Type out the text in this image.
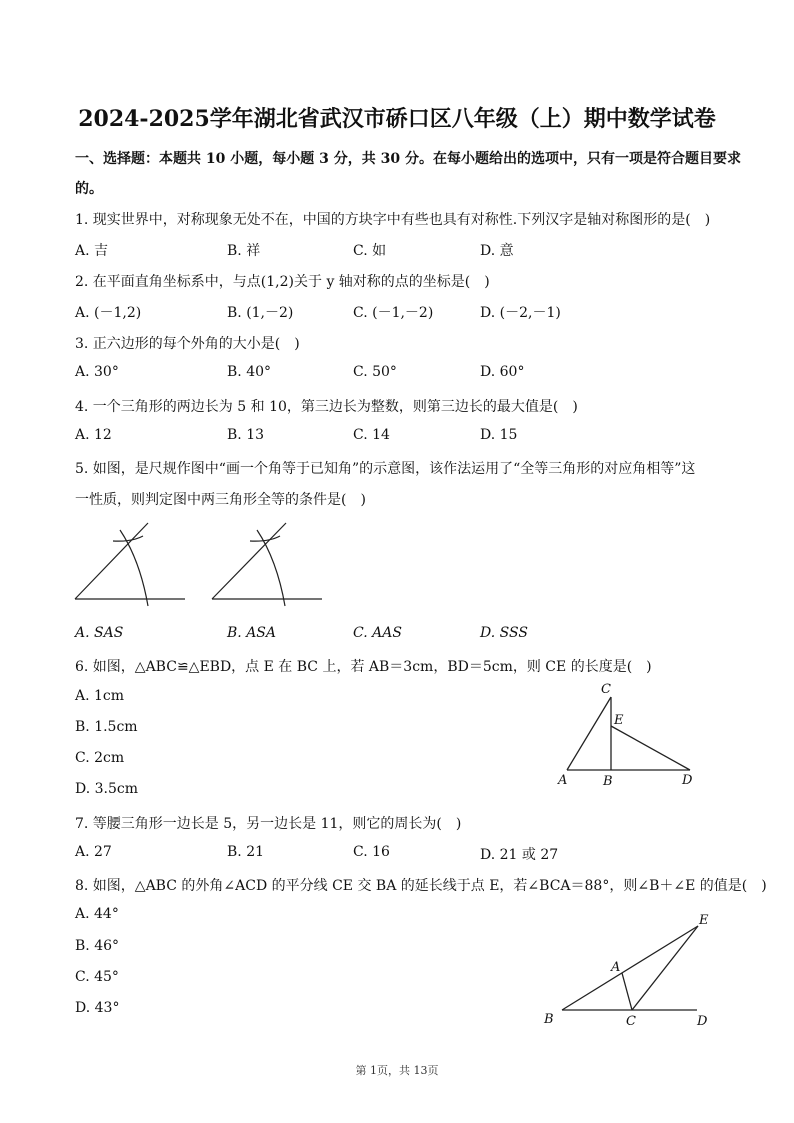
2024-2025学年湖北省武汉市硚口区八年级（上）期中数学试卷
一、选择题：本题共 10 小题，每小题 3 分，共 30 分。在每小题给出的选项中，只有一项是符合题目要求
的。
1. 现实世界中，对称现象无处不在，中国的方块字中有些也具有对称性.下列汉字是轴对称图形的是(　)
A. 吉	B. 祥	C. 如	D. 意
2. 在平面直角坐标系中，与点(1,2)关于 y 轴对称的点的坐标是(　)
A. (－1,2)	B. (1,－2)	C. (－1,－2)	D. (－2,－1)
3. 正六边形的每个外角的大小是(　)
A. 30°	B. 40°	C. 50°	D. 60°
4. 一个三角形的两边长为 5 和 10，第三边长为整数，则第三边长的最大值是(　)
A. 12	B. 13	C. 14	D. 15
5. 如图，是尺规作图中“画一个角等于已知角”的示意图，该作法运用了“全等三角形的对应角相等”这
一性质，则判定图中两三角形全等的条件是(　)
A. SAS	B. ASA	C. AAS	D. SSS
6. 如图，△ABC≌△EBD，点 E 在 BC 上，若 AB＝3cm，BD＝5cm，则 CE 的长度是(　)
A. 1cm
B. 1.5cm
C. 2cm
D. 3.5cm
C
E
A	B	D
7. 等腰三角形一边长是 5，另一边长是 11，则它的周长为(　)
A. 27	B. 21	C. 16	D. 21 或 27
8. 如图，△ABC 的外角∠ACD 的平分线 CE 交 BA 的延长线于点 E，若∠BCA＝88°，则∠B＋∠E 的值是(　)
A. 44°
B. 46°
C. 45°
D. 43°
E
A
B	C	D
第 1页，共 13页
